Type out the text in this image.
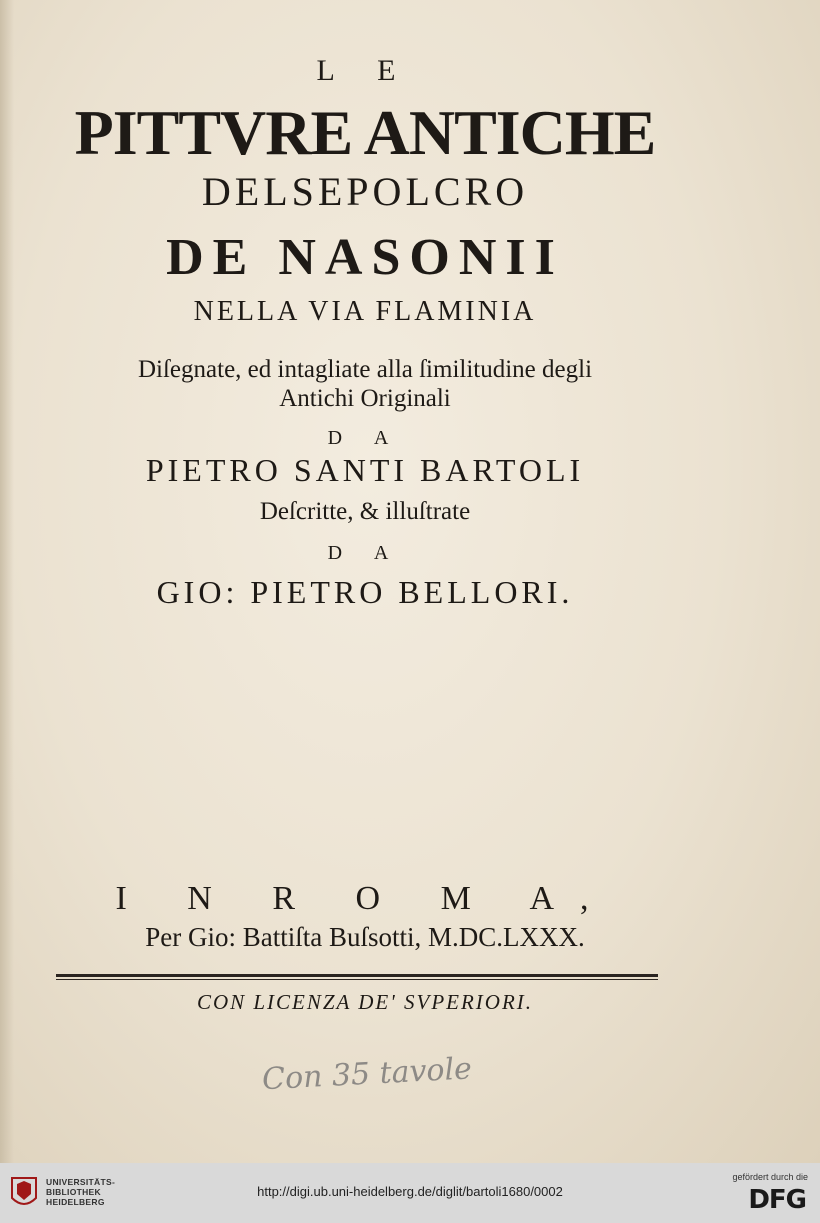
L E

PITTVRE ANTICHE

DELSEPOLCRO

DE NASONII

NELLA VIA FLAMINIA

Diſegnate, ed intagliate alla ſimilitudine degli

Antichi Originali

D A

PIETRO SANTI BARTOLI

Deſcritte, & illuſtrate

D A

GIO: PIETRO BELLORI.

I N R O M A,

Per Gio: Battiſta Buſsotti, M.DC.LXXX.

CON LICENZA DE' SVPERIORI.

Con 35 tavole
UNIVERSITÄTS-
BIBLIOTHEK
HEIDELBERG
http://digi.ub.uni-heidelberg.de/diglit/bartoli1680/0002
gefördert durch die
DFG
